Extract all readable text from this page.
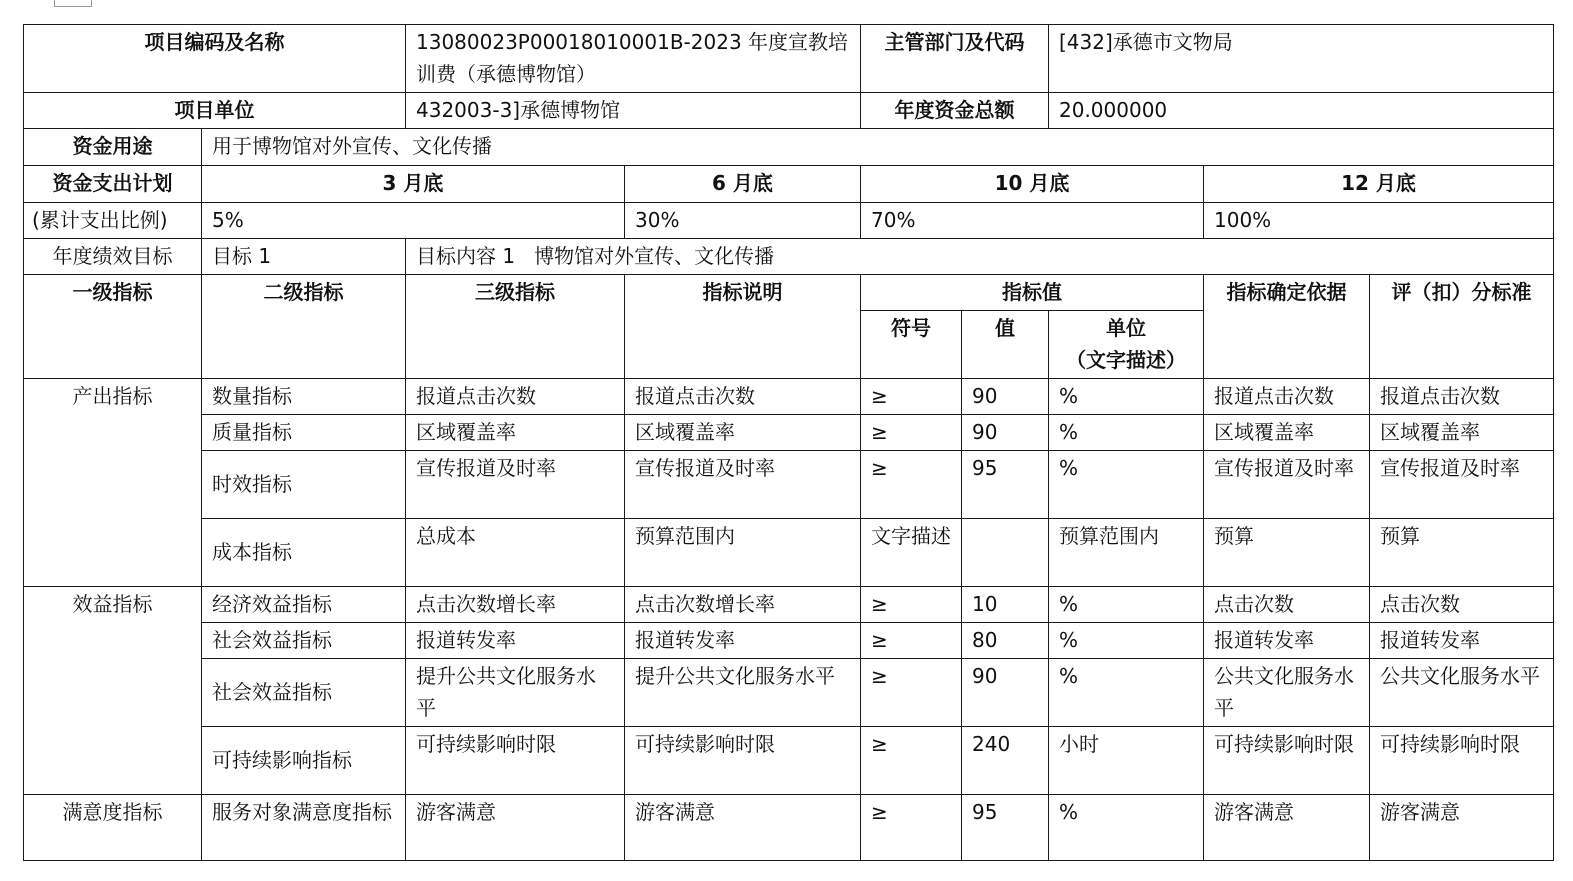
项目编码及名称		13080023P00018010001B-2023 年度宣教培训费（承德博物馆）		主管部门及代码		[432]承德市文物局		
项目单位		432003-3]承德博物馆		年度资金总额		20.000000		
资金用途	用于博物馆对外宣传、文化传播							
资金支出计划	3 月底		6 月底	10 月底			12 月底	
(累计支出比例)	5%		30%	70%			100%	
年度绩效目标	目标 1	目标内容 1 博物馆对外宣传、文化传播						
一级指标	二级指标	三级指标	指标说明	指标值			指标确定依据	评（扣）分标准
				符号	值	单位
（文字描述）		

产出指标	数量指标	报道点击次数	报道点击次数	≥	90	%	报道点击次数	报道点击次数
	质量指标	区域覆盖率	区域覆盖率	≥	90	%	区域覆盖率	区域覆盖率
	时效指标	宣传报道及时率	宣传报道及时率	≥	95	%	宣传报道及时率	宣传报道及时率
	成本指标	总成本	预算范围内	文字描述		预算范围内	预算	预算
效益指标	经济效益指标	点击次数增长率	点击次数增长率	≥	10	%	点击次数	点击次数
	社会效益指标	报道转发率	报道转发率	≥	80	%	报道转发率	报道转发率
	社会效益指标	提升公共文化服务水平	提升公共文化服务水平	≥	90	%	公共文化服务水平	公共文化服务水平
	可持续影响指标	可持续影响时限	可持续影响时限	≥	240	小时	可持续影响时限	可持续影响时限
满意度指标	服务对象满意度指标	游客满意	游客满意	≥	95	%	游客满意	游客满意
